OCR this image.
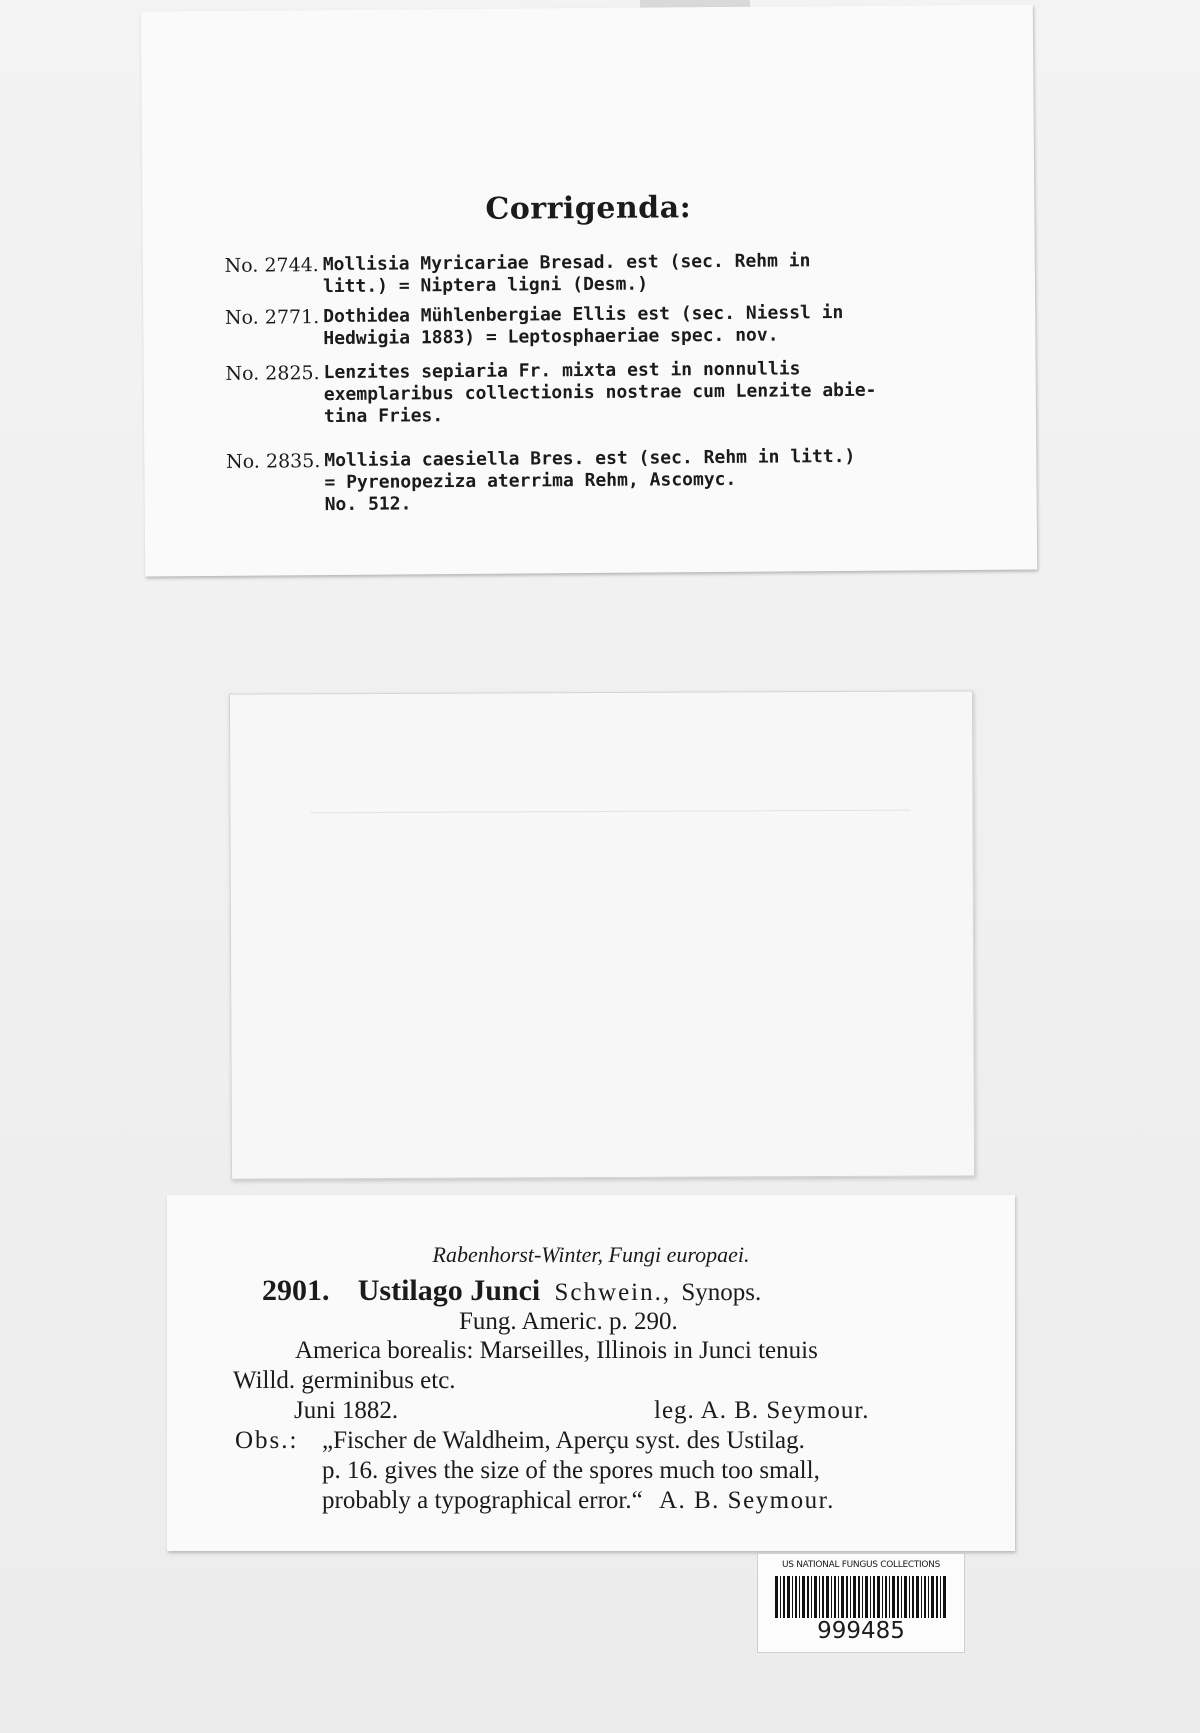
Corrigenda:
No. 2744. Mollisia Myricariae Bresad. est (sec. Rehm in
litt.) = Niptera ligni (Desm.)
No. 2771. Dothidea Mühlenbergiae Ellis est (sec. Niessl in
Hedwigia 1883) = Leptosphaeriae spec. nov.
No. 2825. Lenzites sepiaria Fr. mixta est in nonnullis
exemplaribus collectionis nostrae cum Lenzite abie-
tina Fries.
No. 2835. Mollisia caesiella Bres. est (sec. Rehm in litt.)
= Pyrenopeziza aterrima Rehm, Ascomyc.
No. 512.
Rabenhorst-Winter, Fungi europaei.
2901. Ustilago Junci Schwein., Synops.
Fung. Americ. p. 290.
America borealis: Marseilles, Illinois in Junci tenuis
Willd. germinibus etc.
Juni 1882.	leg. A. B. Seymour.
Obs.: „Fischer de Waldheim, Aperçu syst. des Ustilag.
p. 16. gives the size of the spores much too small,
probably a typographical error.“ A. B. Seymour.
US NATIONAL FUNGUS COLLECTIONS
999485
